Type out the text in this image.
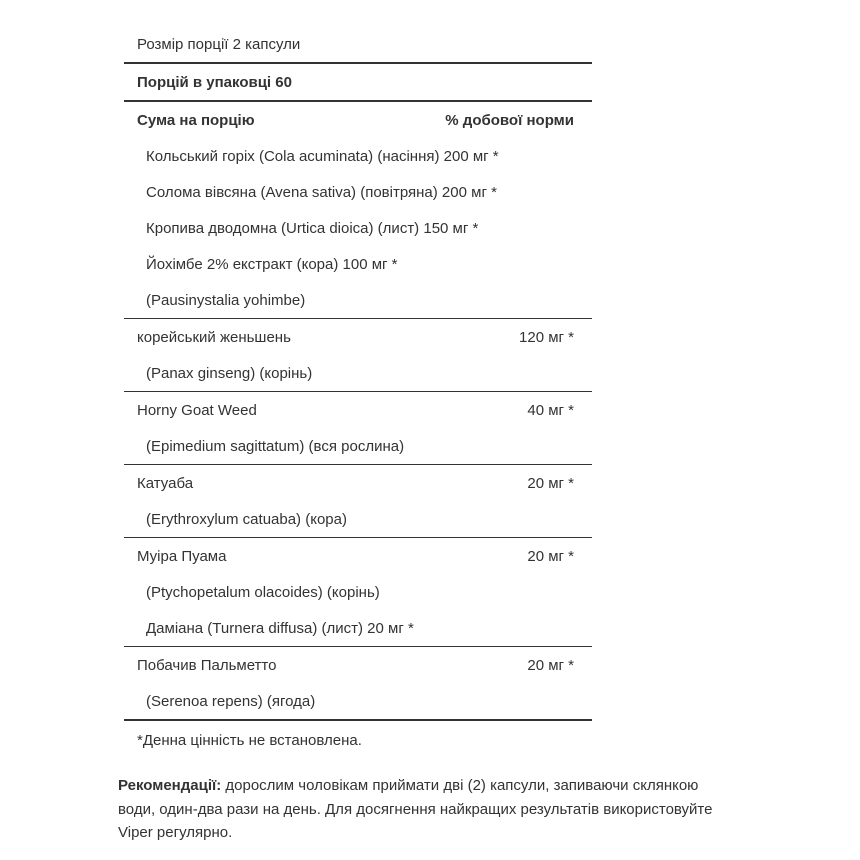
Розмір порції 2 капсули
Порцій в упаковці 60
Сума на порцію	% добової норми
Кольський горіх (Cola acuminata) (насіння) 200 мг *
Солома вівсяна (Avena sativa) (повітряна) 200 мг *
Кропива дводомна (Urtica dioica) (лист) 150 мг *
Йохімбе 2% екстракт (кора) 100 мг *
(Pausinystalia yohimbe)
корейський женьшень	120 мг *
(Panax ginseng) (корінь)
Horny Goat Weed	40 мг *
(Epimedium sagittatum) (вся рослина)
Катуаба	20 мг *
(Erythroxylum catuaba) (кора)
Муіра Пуама	20 мг *
(Ptychopetalum olacoides) (корінь)
Даміана (Turnera diffusa) (лист) 20 мг *
Побачив Пальметто	20 мг *
(Serenoa repens) (ягода)
*Денна цінність не встановлена.
Рекомендації: дорослим чоловікам приймати дві (2) капсули, запиваючи склянкою води, один-два рази на день. Для досягнення найкращих результатів використовуйте Viper регулярно.
